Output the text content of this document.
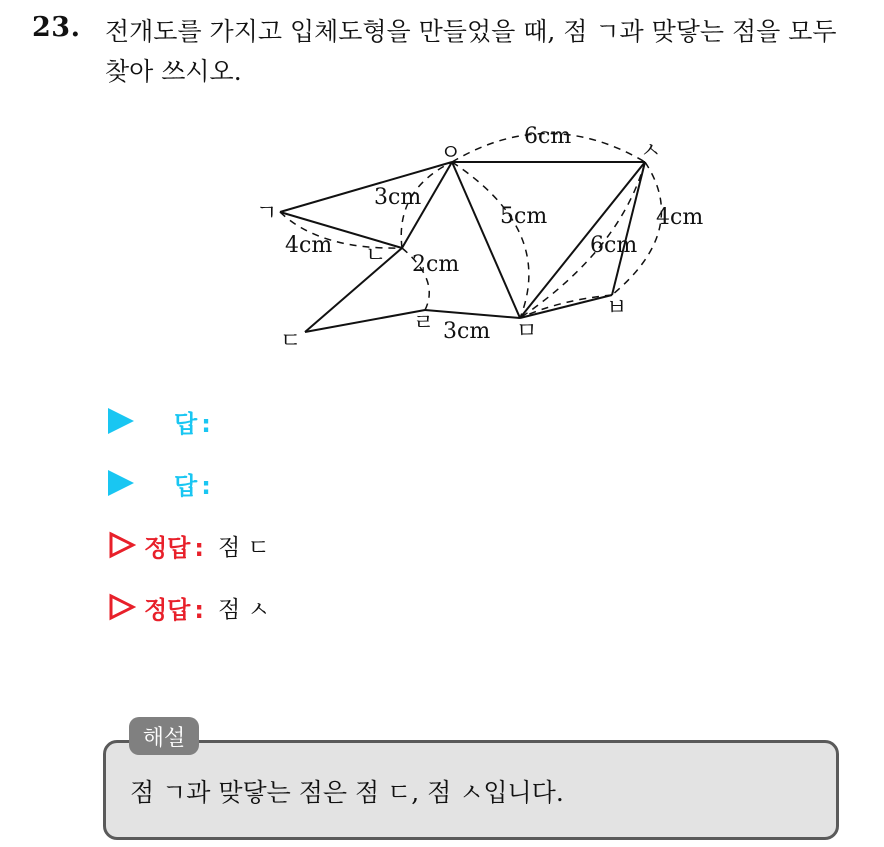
23. 전개도를 가지고 입체도형을 만들었을 때, 점 ㄱ과 맞닿는 점을 모두
찾아 쓰시오.
ㅇ	ㅅ
ㄱ
ㄴ
ㄷ
ㄹ	ㅁ
ㅂ
6cm
3cm
5cm	4cm
6cm
4cm
2cm
3cm
답 :
답 :
정답 : 점 ㄷ
정답 : 점 ㅅ
해설
점 ㄱ과 맞닿는 점은 점 ㄷ, 점 ㅅ입니다.
